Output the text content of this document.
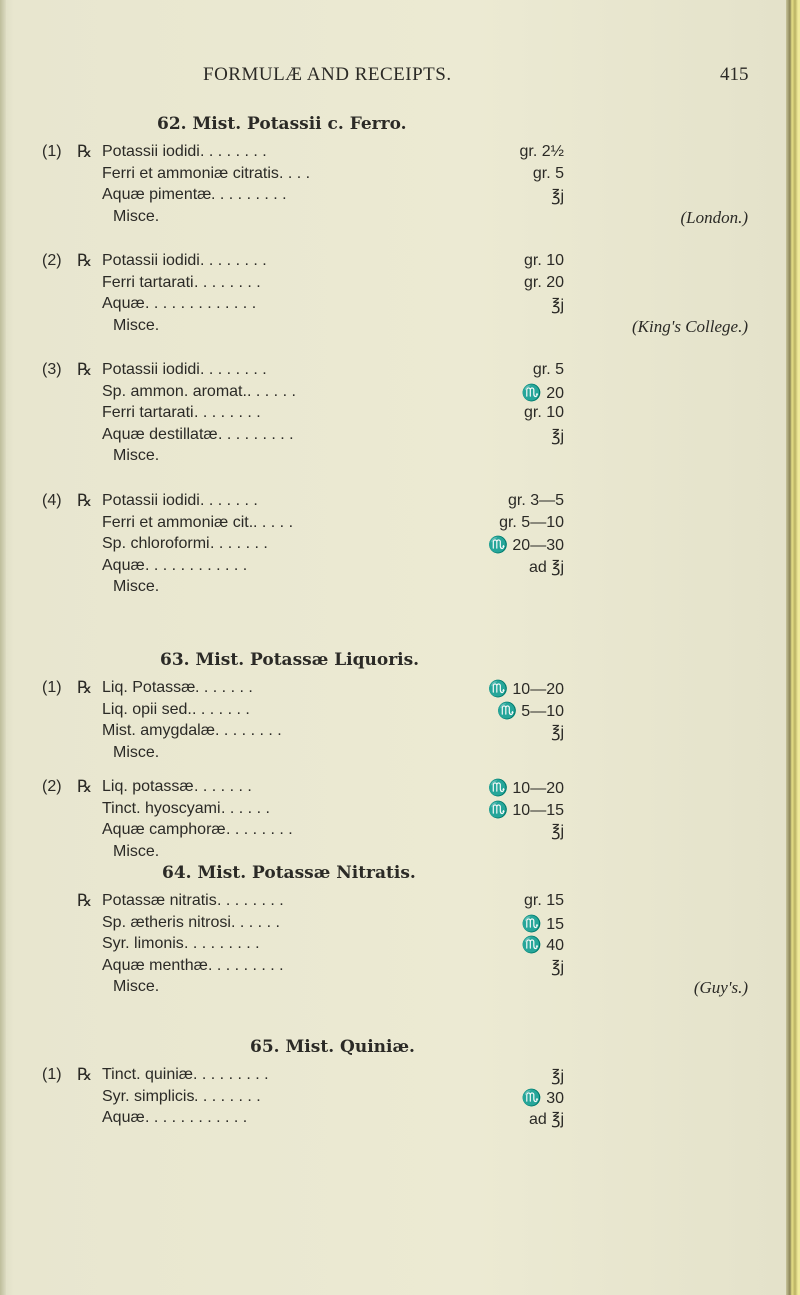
FORMULÆ AND RECEIPTS.	415
62. Mist. Potassii c. Ferro.
(1) ℞ Potassii iodidi . . . . . . . .	gr. 2½
Ferri et ammoniæ citratis . . . .	gr. 5
Aquæ pimentæ . . . . . . . . .	℥j
Misce.	(London.)
(2) ℞ Potassii iodidi . . . . . . . .	gr. 10
Ferri tartarati . . . . . . . .	gr. 20
Aquæ . . . . . . . . . . . . .	℥j
Misce.	(King's College.)
(3) ℞ Potassii iodidi . . . . . . . .	gr. 5
Sp. ammon. aromat. . . . . . .	♏ 20
Ferri tartarati . . . . . . . .	gr. 10
Aquæ destillatæ . . . . . . . . .	℥j
Misce.
(4) ℞ Potassii iodidi . . . . . . .	gr. 3—5
Ferri et ammoniæ cit. . . . . .	gr. 5—10
Sp. chloroformi . . . . . . .	♏ 20—30
Aquæ . . . . . . . . . . . .	ad ℥j
Misce.
63. Mist. Potassæ Liquoris.
(1) ℞ Liq. Potassæ . . . . . . .	♏ 10—20
Liq. opii sed. . . . . . . .	♏ 5—10
Mist. amygdalæ . . . . . . . .	℥j
Misce.
(2) ℞ Liq. potassæ . . . . . . .	♏ 10—20
Tinct. hyoscyami . . . . . .	♏ 10—15
Aquæ camphoræ . . . . . . . .	℥j
Misce.
64. Mist. Potassæ Nitratis.
℞ Potassæ nitratis . . . . . . . .	gr. 15
Sp. ætheris nitrosi . . . . . .	♏ 15
Syr. limonis . . . . . . . . .	♏ 40
Aquæ menthæ . . . . . . . . .	℥j
Misce.	(Guy's.)
65. Mist. Quiniæ.
(1) ℞ Tinct. quiniæ . . . . . . . . .	℥j
Syr. simplicis . . . . . . . .	♏ 30
Aquæ . . . . . . . . . . . .	ad ℥j
